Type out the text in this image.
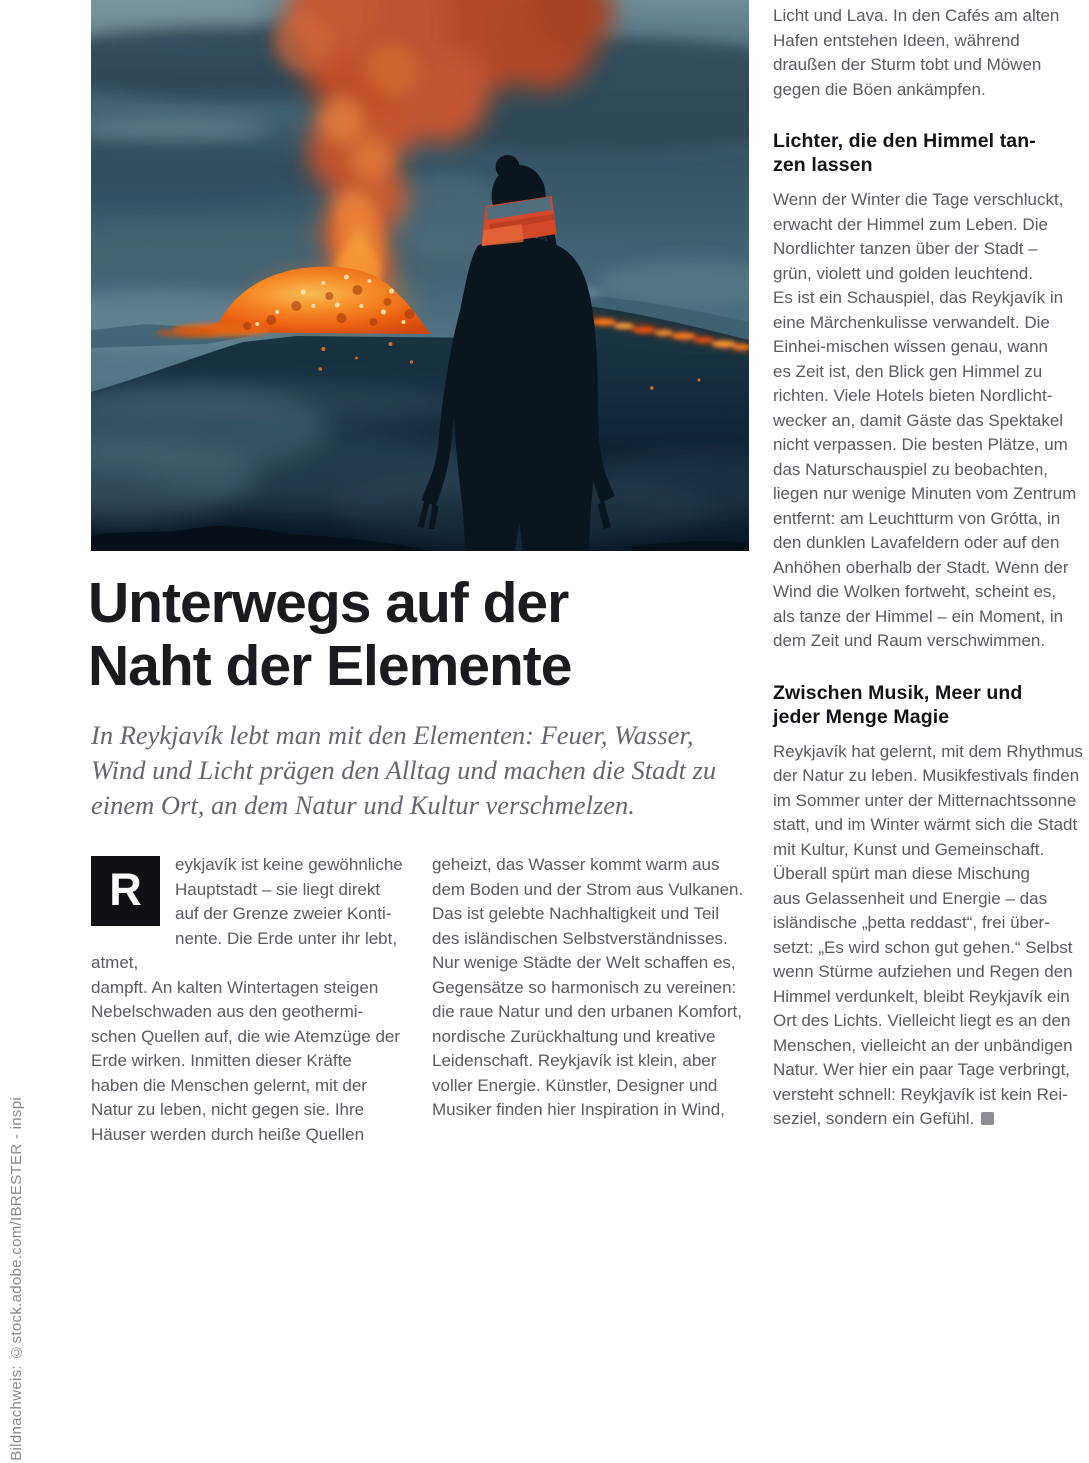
Bildnachweis: ©stock.adobe.com/IBRESTER - inspi
Unterwegs auf der
Naht der Elemente

In Reykjavík lebt man mit den Elementen: Feuer, Wasser,
Wind und Licht prägen den Alltag und machen die Stadt zu
einem Ort, an dem Natur und Kultur verschmelzen.

R	eykjavík ist keine gewöhnliche
Hauptstadt – sie liegt direkt
auf der Grenze zweier Konti-
nente. Die Erde unter ihr lebt, atmet,
dampft. An kalten Wintertagen steigen
Nebelschwaden aus den geothermi-
schen Quellen auf, die wie Atemzüge der
Erde wirken. Inmitten dieser Kräfte
haben die Menschen gelernt, mit der
Natur zu leben, nicht gegen sie. Ihre
Häuser werden durch heiße Quellen
geheizt, das Wasser kommt warm aus
dem Boden und der Strom aus Vulkanen.
Das ist gelebte Nachhaltigkeit und Teil
des isländischen Selbstverständnisses.
Nur wenige Städte der Welt schaffen es,
Gegensätze so harmonisch zu vereinen:
die raue Natur und den urbanen Komfort,
nordische Zurückhaltung und kreative
Leidenschaft. Reykjavík ist klein, aber
voller Energie. Künstler, Designer und
Musiker finden hier Inspiration in Wind,

Licht und Lava. In den Cafés am alten
Hafen entstehen Ideen, während
draußen der Sturm tobt und Möwen
gegen die Böen ankämpfen.

Lichter, die den Himmel tan-
zen lassen

Wenn der Winter die Tage verschluckt,
erwacht der Himmel zum Leben. Die
Nordlichter tanzen über der Stadt –
grün, violett und golden leuchtend.
Es ist ein Schauspiel, das Reykjavík in
eine Märchenkulisse verwandelt. Die
Einhei-mischen wissen genau, wann
es Zeit ist, den Blick gen Himmel zu
richten. Viele Hotels bieten Nordlicht-
wecker an, damit Gäste das Spektakel
nicht verpassen. Die besten Plätze, um
das Naturschauspiel zu beobachten,
liegen nur wenige Minuten vom Zentrum
entfernt: am Leuchtturm von Grótta, in
den dunklen Lavafeldern oder auf den
Anhöhen oberhalb der Stadt. Wenn der
Wind die Wolken fortweht, scheint es,
als tanze der Himmel – ein Moment, in
dem Zeit und Raum verschwimmen.

Zwischen Musik, Meer und
jeder Menge Magie

Reykjavík hat gelernt, mit dem Rhythmus
der Natur zu leben. Musikfestivals finden
im Sommer unter der Mitternachtssonne
statt, und im Winter wärmt sich die Stadt
mit Kultur, Kunst und Gemeinschaft.
Überall spürt man diese Mischung
aus Gelassenheit und Energie – das
isländische „þetta reddast“, frei über-
setzt: „Es wird schon gut gehen.“ Selbst
wenn Stürme aufziehen und Regen den
Himmel verdunkelt, bleibt Reykjavík ein
Ort des Lichts. Vielleicht liegt es an den
Menschen, vielleicht an der unbändigen
Natur. Wer hier ein paar Tage verbringt,
versteht schnell: Reykjavík ist kein Rei-
seziel, sondern ein Gefühl.
